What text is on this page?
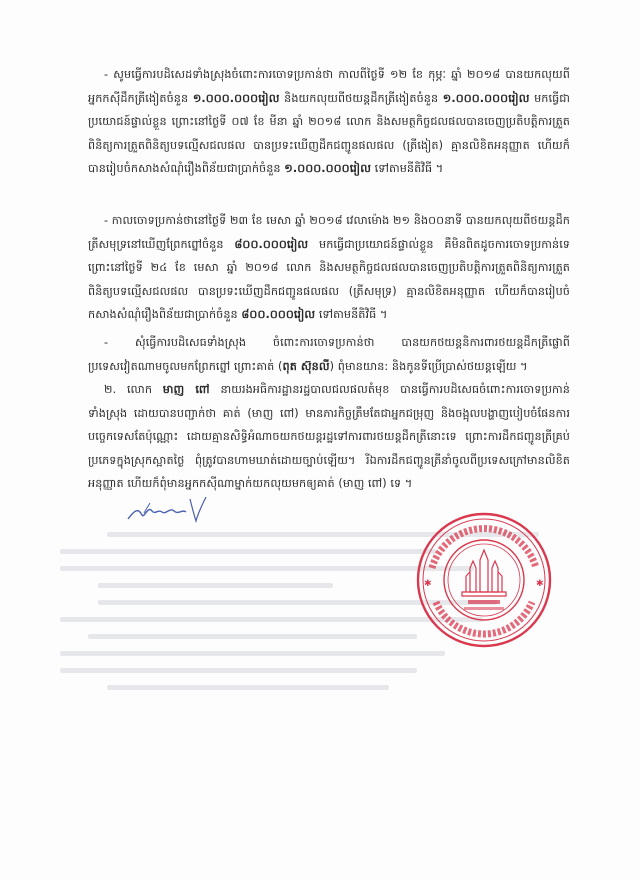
- សូមធ្វើការបដិសេដទាំងស្រុងចំពោះការចោទប្រកាន់ថា កាលពីថ្ងៃទី ១២ ខែ កុម្ភៈ ឆ្នាំ ២០១៨ បានយកលុយពីអ្នកកស៊ីដឹកត្រីងៀតចំនួន ១.០០០.០០០រៀល និងយកលុយពីថយន្តដឹកត្រីងៀតចំនួន ១.០០០.០០០រៀល មកធ្វើជាប្រយោជន៍ផ្ទាល់ខ្លួន ព្រោះនៅថ្ងៃទី ០៧ ខែ មីនា ឆ្នាំ ២០១៨ លោក និងសមត្ថកិច្ចជលផលបានចេញប្រតិបត្តិការត្រួតពិនិត្យការត្រួតពិនិត្យបទល្មើសជលផល បានប្រទះឃើញដឹកជញ្ជូនផលផល (ត្រីងៀត) គ្មានលិខិតអនុញ្ញាត ហើយក៏បានរៀបចំកសាងសំណុំរឿងពិន័យជាប្រាក់ចំនួន ១.០០០.០០០រៀល ទៅតាមនីតិវិធី ។
- កាលចោទប្រកាន់ថានៅថ្ងៃទី ២៣ ខែ មេសា ឆ្នាំ ២០១៨ វេលាម៉ោង ២១ និង០០នាទី បានយកលុយពីថយន្តដឹកត្រីសមុទ្រនៅឃើញព្រែកព្នៅចំនួន ៨០០.០០០រៀល មកធ្វើជាប្រយោជន៍ផ្ទាល់ខ្លួន គឺមិនពិតដូចការចោទប្រកាន់ទេ ព្រោះនៅថ្ងៃទី ២៤ ខែ មេសា ឆ្នាំ ២០១៨ លោក និងសមត្ថកិច្ចជលផលបានចេញប្រតិបត្តិការត្រួតពិនិត្យការត្រួតពិនិត្យបទល្មើសជលផល បានប្រទះឃើញដឹកជញ្ជូនផលផល (ត្រីសមុទ្រ) គ្មានលិខិតអនុញ្ញាត ហើយក៏បានរៀបចំកសាងសំណុំរឿងពិន័យជាប្រាក់ចំនួន ៨០០.០០០រៀល ទៅតាមនីតិវិធី ។
- សុំធ្វើការបដិសេធទាំងស្រុង ចំពោះការចោទប្រកាន់ថា បានយកថយន្តនិការពារថយន្តដឹកត្រីផ្លោពីប្រទេសវៀតណាមចូលមកព្រែកព្នៅ ព្រោះគាត់ (ពុត ស៊ុនលី) ពុំមានយាន: និងកូនទីប្រើប្រាស់ថយន្តឡើយ ។
២. លោក មាញ ពៅ នាយរងអធិការដ្ឋានរដ្ឋបាលជលផលតំមុខ បានធ្វើការបដិសេធចំពោះការចោទប្រកាន់ទាំងស្រុង ដោយបានបញ្ជាក់ថា គាត់ (មាញ ពៅ) មានភារកិច្ចត្រឹមតែជាអ្នកជម្រុញ និងចង្អុលបង្ហាញបៀបចំផែនការបច្ចេកទេសតែប៉ុណ្ណោះ ដោយគ្មានសិទ្ធិអំណាចយកថយន្តរដ្ឋទៅការពារថយន្តដឹកត្រីនោះទេ ព្រោះការដឹកជញ្ជូនត្រីគ្រប់ប្រភេទក្នុងស្រុកស្អាតថ្ងៃ ពុំត្រូវបានហាមឃាត់ដោយច្បាប់ឡើយ។ រីឯការដឹកជញ្ជូនត្រីនាំចូលពីប្រទេសក្រៅមានលិខិតអនុញ្ញាត ហើយក៏ពុំមានអ្នកកស៊ីណាម្នាក់យកលុយមកឲ្យគាត់ (មាញ ពៅ) ទេ ។
✱	✱
